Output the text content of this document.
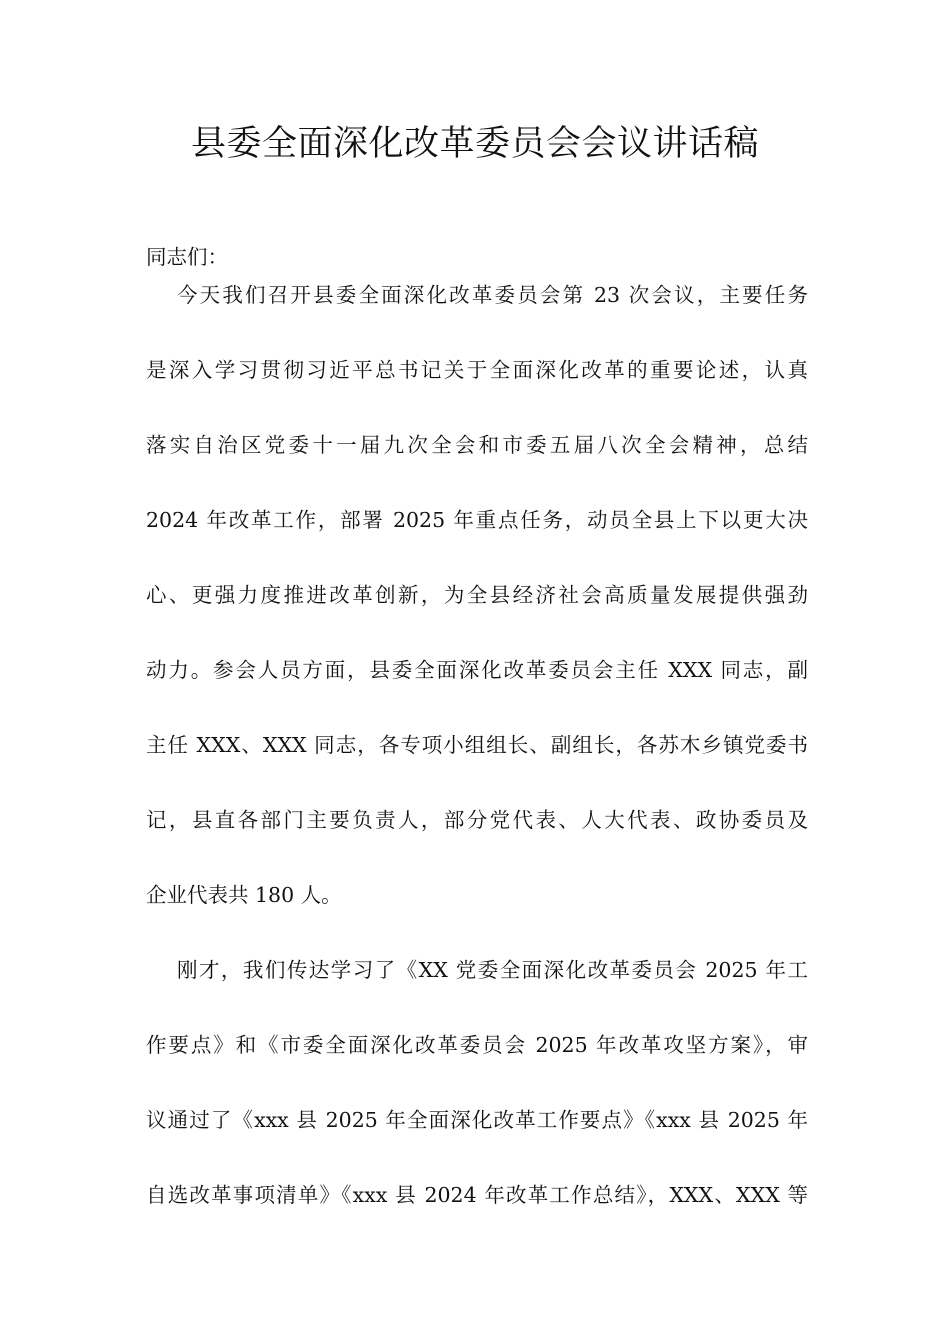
县委全面深化改革委员会会议讲话稿

同志们：

今天我们召开县委全面深化改革委员会第 23 次会议，主要任务
是深入学习贯彻习近平总书记关于全面深化改革的重要论述，认真
落实自治区党委十一届九次全会和市委五届八次全会精神，总结
2024 年改革工作，部署 2025 年重点任务，动员全县上下以更大决
心、更强力度推进改革创新，为全县经济社会高质量发展提供强劲
动力。参会人员方面，县委全面深化改革委员会主任 XXX 同志，副
主任 XXX、XXX 同志，各专项小组组长、副组长，各苏木乡镇党委书
记，县直各部门主要负责人，部分党代表、人大代表、政协委员及
企业代表共 180 人。

刚才，我们传达学习了《XX 党委全面深化改革委员会 2025 年工
作要点》和《市委全面深化改革委员会 2025 年改革攻坚方案》，审
议通过了《xxx 县 2025 年全面深化改革工作要点》《xxx 县 2025 年
自选改革事项清单》《xxx 县 2024 年改革工作总结》，XXX、XXX 等
